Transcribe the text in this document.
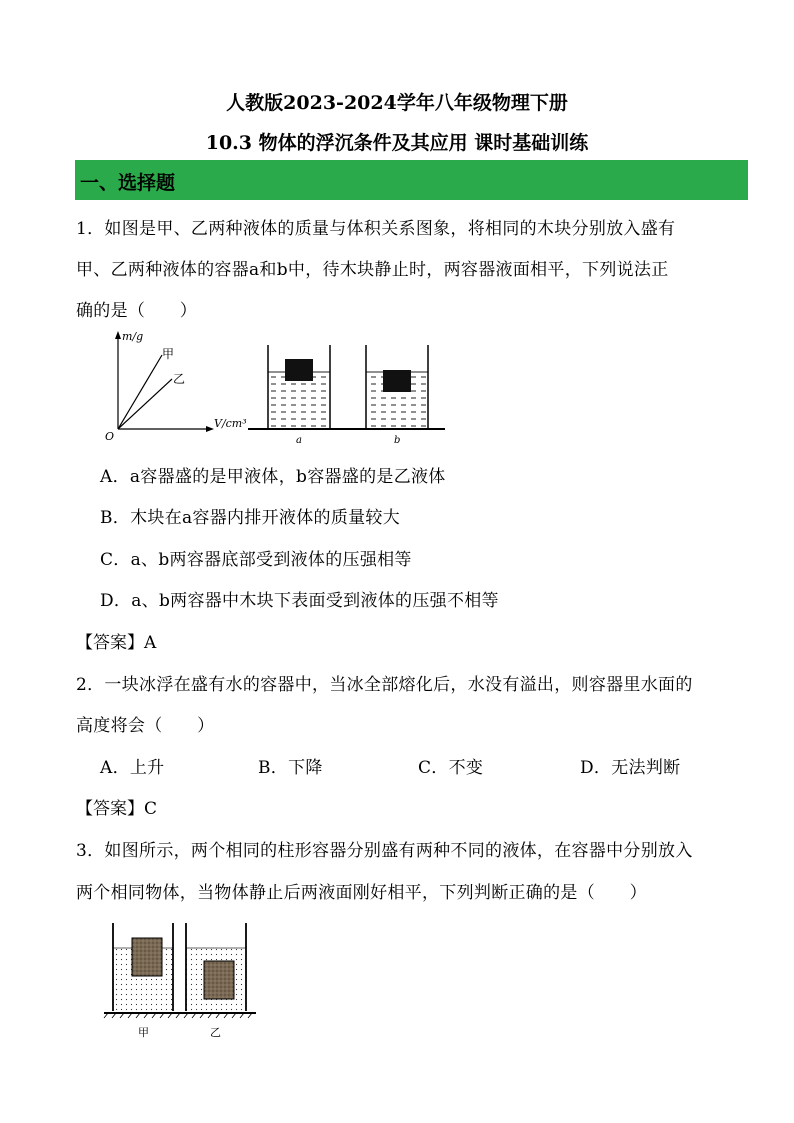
人教版2023-2024学年八年级物理下册
10.3 物体的浮沉条件及其应用 课时基础训练
一、选择题
1．如图是甲、乙两种液体的质量与体积关系图象，将相同的木块分别放入盛有
甲、乙两种液体的容器a和b中，待木块静止时，两容器液面相平，下列说法正
确的是（　　）
m/g
甲
乙
V/cm³
O	a	b
A．a容器盛的是甲液体，b容器盛的是乙液体
B．木块在a容器内排开液体的质量较大
C．a、b两容器底部受到液体的压强相等
D．a、b两容器中木块下表面受到液体的压强不相等
【答案】A
2．一块冰浮在盛有水的容器中，当冰全部熔化后，水没有溢出，则容器里水面的
高度将会（　　）
A．上升	B．下降	C．不变	D．无法判断
【答案】C
3．如图所示，两个相同的柱形容器分别盛有两种不同的液体，在容器中分别放入
两个相同物体，当物体静止后两液面刚好相平，下列判断正确的是（　　）
甲	乙
